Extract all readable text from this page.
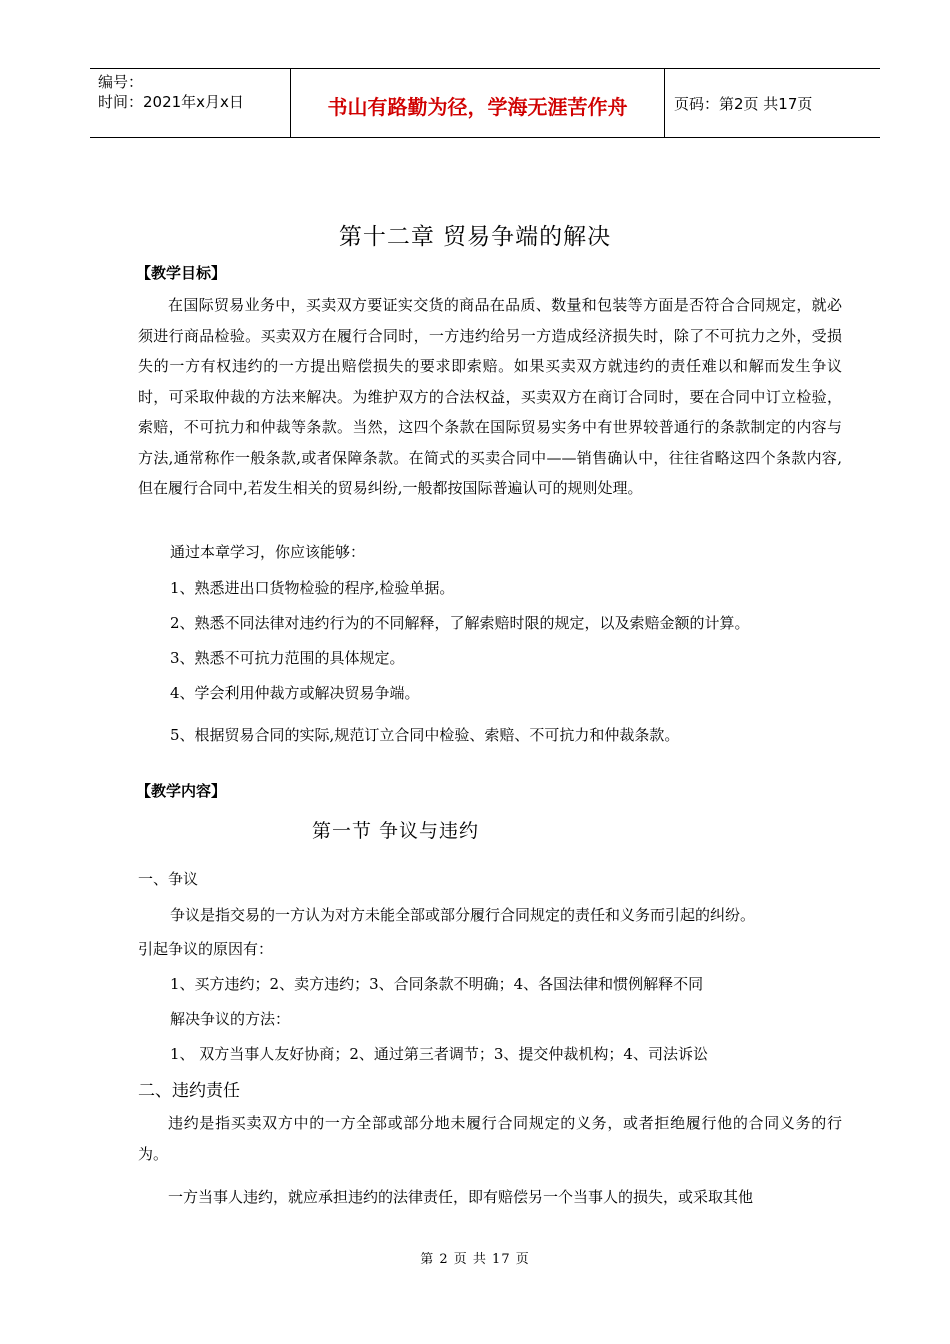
编号：
时间：2021年x月x日	书山有路勤为径，学海无涯苦作舟	页码：第2页 共17页
第十二章 贸易争端的解决
【教学目标】

在国际贸易业务中，买卖双方要证实交货的商品在品质、数量和包装等方面是否符合合同规定，就必须进行商品检验。买卖双方在履行合同时，一方违约给另一方造成经济损失时，除了不可抗力之外，受损失的一方有权违约的一方提出赔偿损失的要求即索赔。如果买卖双方就违约的责任难以和解而发生争议时，可采取仲裁的方法来解决。为维护双方的合法权益，买卖双方在商订合同时，要在合同中订立检验，索赔，不可抗力和仲裁等条款。当然，这四个条款在国际贸易实务中有世界较普通行的条款制定的内容与方法,通常称作一般条款,或者保障条款。在简式的买卖合同中——销售确认中，往往省略这四个条款内容,但在履行合同中,若发生相关的贸易纠纷,一般都按国际普遍认可的规则处理。

通过本章学习，你应该能够：
1、熟悉进出口货物检验的程序,检验单据。
2、熟悉不同法律对违约行为的不同解释，了解索赔时限的规定，以及索赔金额的计算。
3、熟悉不可抗力范围的具体规定。
4、学会利用仲裁方或解决贸易争端。
5、根据贸易合同的实际,规范订立合同中检验、索赔、不可抗力和仲裁条款。
【教学内容】
第一节 争议与违约
一、争议
争议是指交易的一方认为对方未能全部或部分履行合同规定的责任和义务而引起的纠纷。
引起争议的原因有：
1、买方违约；2、卖方违约；3、合同条款不明确；4、各国法律和惯例解释不同
解决争议的方法：
1、 双方当事人友好协商；2、通过第三者调节；3、提交仲裁机构；4、司法诉讼
二、违约责任

违约是指买卖双方中的一方全部或部分地未履行合同规定的义务，或者拒绝履行他的合同义务的行为。

一方当事人违约，就应承担违约的法律责任，即有赔偿另一个当事人的损失，或采取其他

第 2 页 共 17 页
